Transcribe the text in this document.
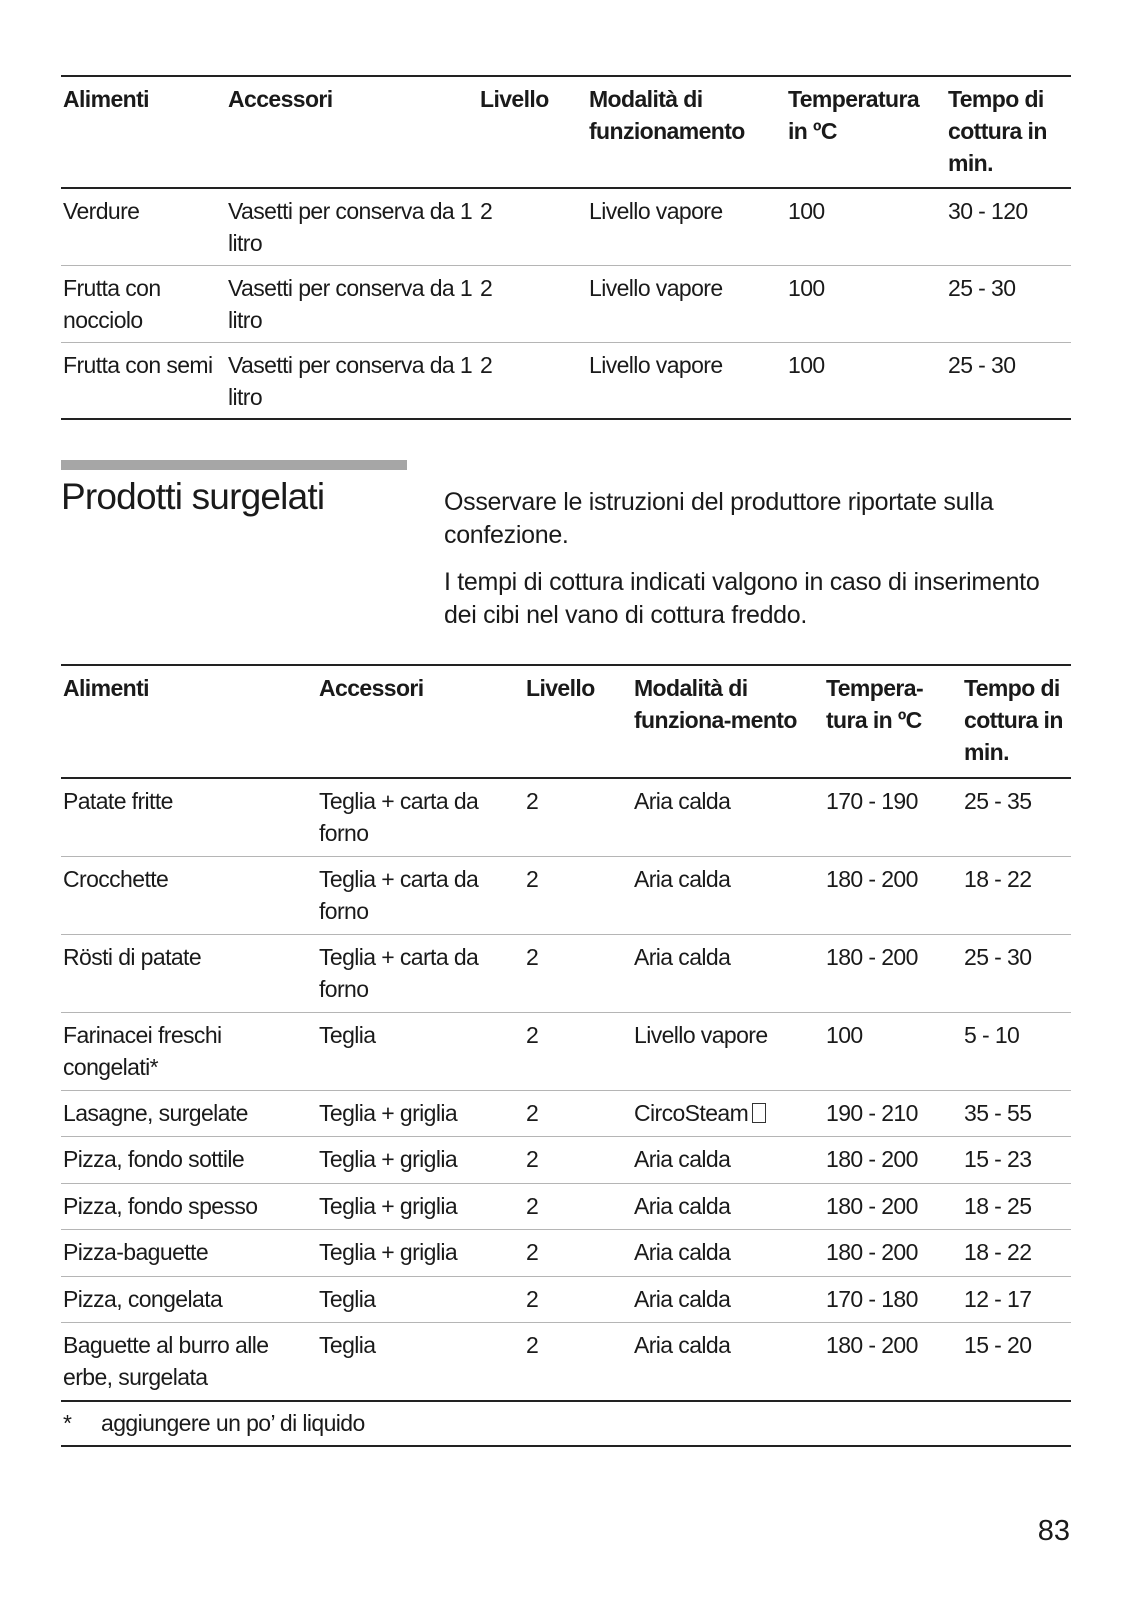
Alimenti	Accessori	Livello	Modalità di funzionamento	Temperatura in ºC	Tempo di cottura in min.
Verdure	Vasetti per conserva da 1 litro	2	Livello vapore	100	30 - 120
Frutta con nocciolo	Vasetti per conserva da 1 litro	2	Livello vapore	100	25 - 30
Frutta con semi	Vasetti per conserva da 1 litro	2	Livello vapore	100	25 - 30
Prodotti surgelati	Osservare le istruzioni del produttore riportate sulla confezione.

I tempi di cottura indicati valgono in caso di inserimento dei cibi nel vano di cottura freddo.

Alimenti	Accessori	Livello	Modalità di funziona-mento	Tempera-tura in ºC	Tempo di cottura in min.
Patate fritte	Teglia + carta da forno	2	Aria calda	170 - 190	25 - 35
Crocchette	Teglia + carta da forno	2	Aria calda	180 - 200	18 - 22
Rösti di patate	Teglia + carta da forno	2	Aria calda	180 - 200	25 - 30
Farinacei freschi congelati*	Teglia	2	Livello vapore	100	5 - 10
Lasagne, surgelate	Teglia + griglia	2	CircoSteam	190 - 210	35 - 55
Pizza, fondo sottile	Teglia + griglia	2	Aria calda	180 - 200	15 - 23
Pizza, fondo spesso	Teglia + griglia	2	Aria calda	180 - 200	18 - 25
Pizza-baguette	Teglia + griglia	2	Aria calda	180 - 200	18 - 22
Pizza, congelata	Teglia	2	Aria calda	170 - 180	12 - 17
Baguette al burro alle erbe, surgelata	Teglia	2	Aria calda	180 - 200	15 - 20
* aggiungere un po’ di liquido					
83
